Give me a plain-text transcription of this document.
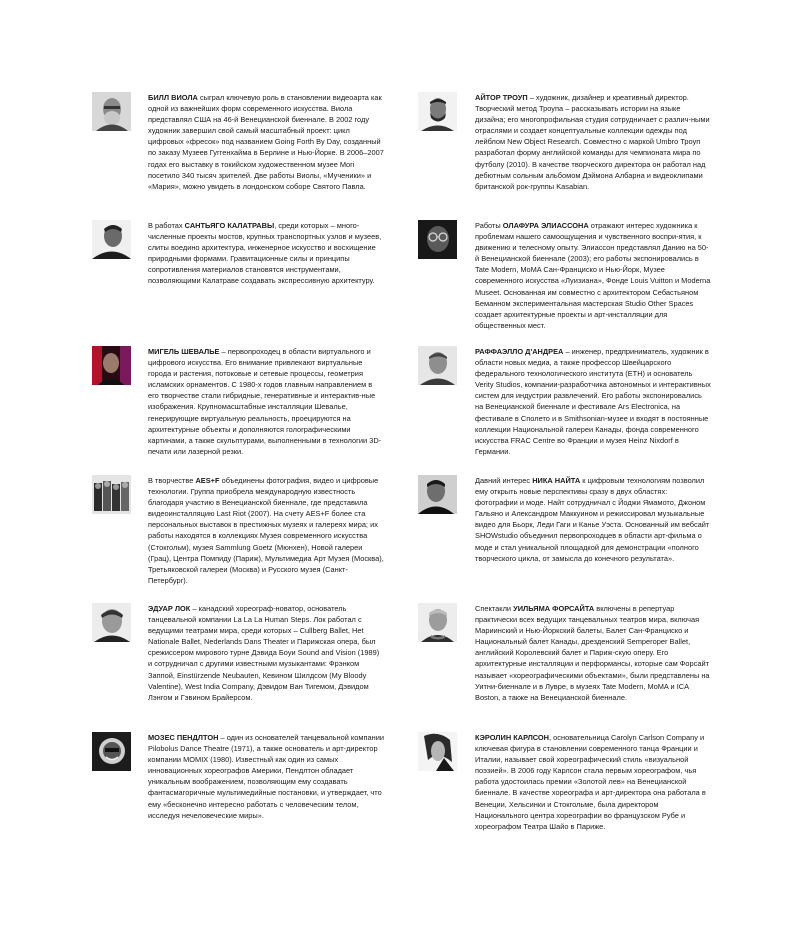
БИЛЛ ВИОЛА сыграл ключевую роль в становлении видеоарта как одной из важнейших форм современного искусства. Виола представлял США на 46-й Венецианской биеннале. В 2002 году художник завершил свой самый масштабный проект: цикл цифровых «фресок» под названием Going Forth By Day, созданный по заказу Музеев Гуггенхайма в Берлине и Нью-Йорке. В 2006–2007 годах его выставку в токийском художественном музее Mori посетило 340 тысяч зрителей. Две работы Виолы, «Мученики» и «Мария», можно увидеть в лондонском соборе Святого Павла.
В работах САНТЬЯГО КАЛАТРАВЫ, среди которых – много-численные проекты мостов, крупных транспортных узлов и музеев, слиты воедино архитектура, инженерное искусство и восхищение природными формами. Гравитационные силы и принципы сопротивления материалов становятся инструментами, позволяющими Калатраве создавать экспрессивную архитектуру.
МИГЕЛЬ ШЕВАЛЬЕ – первопроходец в области виртуального и цифрового искусства. Его внимание привлекают виртуальные города и растения, потоковые и сетевые процессы, геометрия исламских орнаментов. С 1980-х годов главным направлением в его творчестве стали гибридные, генеративные и интерактив-ные изображения. Крупномасштабные инсталляции Шевалье, генерирующие виртуальную реальность, проецируются на архитектурные объекты и дополняются голографическими картинами, а также скульптурами, выполненными в технологии 3D-печати или лазерной резки.
В творчестве AES+F объединены фотография, видео и цифровые технологии. Группа приобрела международную известность благодаря участию в Венецианской биеннале, где представила видеоинсталляцию Last Riot (2007). На счету AES+F более ста персональных выставок в престижных музеях и галереях мира; их работы находятся в коллекциях Музея современного искусства (Стокгольм), музея Sammlung Goetz (Мюнхен), Новой галереи (Грац), Центра Помпиду (Париж), Мультимедиа Арт Музея (Москва), Третьяковской галереи (Москва) и Русского музея (Санкт-Петербург).
ЭДУАР ЛОК – канадский хореограф-новатор, основатель танцевальной компании La La La Human Steps. Лок работал с ведущими театрами мира, среди которых – Cullberg Ballet, Het Nationale Ballet, Nederlands Dans Theater и Парижская опера, был срежиссером мирового турне Дэвида Боуи Sound and Vision (1989) и сотрудничал с другими известными музыкантами: Фрэнком Заппой, Einstürzende Neubauten, Кевином Шилдсом (My Bloody Valentine), West India Company, Дэвидом Ван Тигемом, Дэвидом Лэнгом и Гэвином Брайерсом.
МОЗЕС ПЕНДЛТОН – один из основателей танцевальной компании Pilobolus Dance Theatre (1971), а также основатель и арт-директор компании MOMIX (1980). Известный как один из самых инновационных хореографов Америки, Пендлтон обладает уникальным воображением, позволяющим ему создавать фантасмагоричные мультимедийные постановки, и утверждает, что ему «бесконечно интересно работать с человеческим телом, исследуя нечеловеческие миры».
АЙТОР ТРОУП – художник, дизайнер и креативный директор. Творческий метод Троупа – рассказывать истории на языке дизайна; его многопрофильная студия сотрудничает с различ-ными отраслями и создает концептуальные коллекции одежды под лейблом New Object Research. Совместно с маркой Umbro Троуп разработал форму английской команды для чемпионата мира по футболу (2010). В качестве творческого директора он работал над дебютным сольным альбомом Дэймона Албарна и видеоклипами британской рок-группы Kasabian.
Работы ОЛАФУРА ЭЛИАССОНА отражают интерес художника к проблемам нашего самоощущения и чувственного воспри-ятия, к движению и телесному опыту. Элиассон представлял Данию на 50-й Венецианской биеннале (2003); его работы экспонировались в Tate Modern, MoMA Сан-Франциско и Нью-Йорк, Музее современного искусства «Луизиана», Фонде Louis Vuitton и Moderna Museet. Основанная им совместно с архитектором Себастьяном Беманном экспериментальная мастерская Studio Other Spaces создает архитектурные проекты и арт-инсталляции для общественных мест.
РАФФАЭЛЛО Д'АНДРЕА – инженер, предприниматель, художник в области новых медиа, а также профессор Швейцарского федерального технологического института (ETH) и основатель Verity Studios, компании-разработчика автономных и интерактивных систем для индустрии развлечений. Его работы экспонировались на Венецианской биеннале и фестивале Ars Electronica, на фестивале в Сполето и в Smithsonian-музее и входят в постоянные коллекции Национальной галереи Канады, фонда современного искусства FRAC Centre во Франции и музея Heinz Nixdorf в Германии.
Давний интерес НИКА НАЙТА к цифровым технологиям позволил ему открыть новые перспективы сразу в двух областях: фотографии и моде. Найт сотрудничал с Йоджи Ямамото, Джоном Гальяно и Александром Маккуином и режиссировал музыкальные видео для Бьорк, Леди Гаги и Канье Уэста. Основанный им вебсайт SHOWstudio объединил первопроходцев в области арт-фильма о моде и стал уникальной площадкой для демонстрации «полного творческого цикла, от замысла до конечного результата».
Спектакли УИЛЬЯМА ФОРСАЙТА включены в репертуар практически всех ведущих танцевальных театров мира, включая Мариинский и Нью-Йоркский балеты, Балет Сан-Франциско и Национальный балет Канады, дрезденский Semperoper Ballet, английский Королевский балет и Париж-скую оперу. Его архитектурные инсталляции и перформансы, которые сам Форсайт называет «хореографическими объектами», были представлены на Уитни-биеннале и в Лувре, в музеях Tate Modern, MoMA и ICA Boston, а также на Венецианской биеннале.
КЭРОЛИН КАРЛСОН, основательница Carolyn Carlson Company и ключевая фигура в становлении современного танца Франции и Италии, называет свой хореографический стиль «визуальной поэзией». В 2006 году Карлсон стала первым хореографом, чья работа удостоилась премии «Золотой лев» на Венецианской биеннале. В качестве хореографа и арт-директора она работала в Венеции, Хельсинки и Стокгольме, была директором Национального центра хореографии во французском Рубе и хореографом Театра Шайо в Париже.
